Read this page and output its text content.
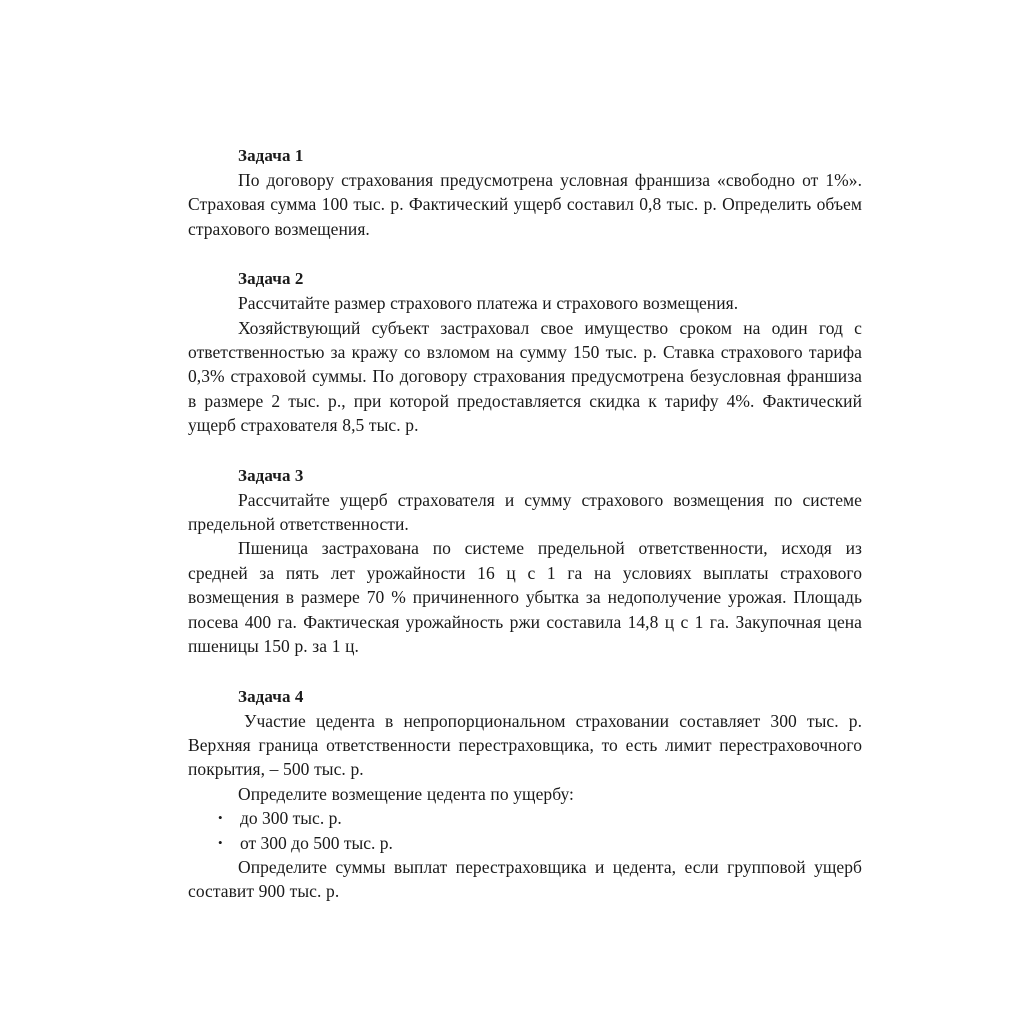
Задача 1

По договору страхования предусмотрена условная франшиза «свободно от 1%». Страховая сумма 100 тыс. р. Фактический ущерб составил 0,8 тыс. р. Определить объем страхового возмещения.

Задача 2

Рассчитайте размер страхового платежа и страхового возмещения.

Хозяйствующий субъект застраховал свое имущество сроком на один год с ответственностью за кражу со взломом на сумму 150 тыс. р. Ставка страхового тарифа 0,3% страховой суммы. По договору страхования предусмотрена безусловная франшиза в размере 2 тыс. р., при которой предоставляется скидка к тарифу 4%. Фактический ущерб страхователя 8,5 тыс. р.

Задача 3

Рассчитайте ущерб страхователя и сумму страхового возмещения по системе предельной ответственности.

Пшеница застрахована по системе предельной ответственности, исходя из средней за пять лет урожайности 16 ц с 1 га на условиях выплаты страхового возмещения в размере 70 % причиненного убытка за недополучение урожая. Площадь посева 400 га. Фактическая урожайность ржи составила 14,8 ц с 1 га. Закупочная цена пшеницы 150 р. за 1 ц.

Задача 4

Участие цедента в непропорциональном страховании составляет 300 тыс. р. Верхняя граница ответственности перестраховщика, то есть лимит перестраховочного покрытия, – 500 тыс. р.

Определите возмещение цедента по ущербу:

• до 300 тыс. р.
• от 300 до 500 тыс. р.

Определите суммы выплат перестраховщика и цедента, если групповой ущерб составит 900 тыс. р.
